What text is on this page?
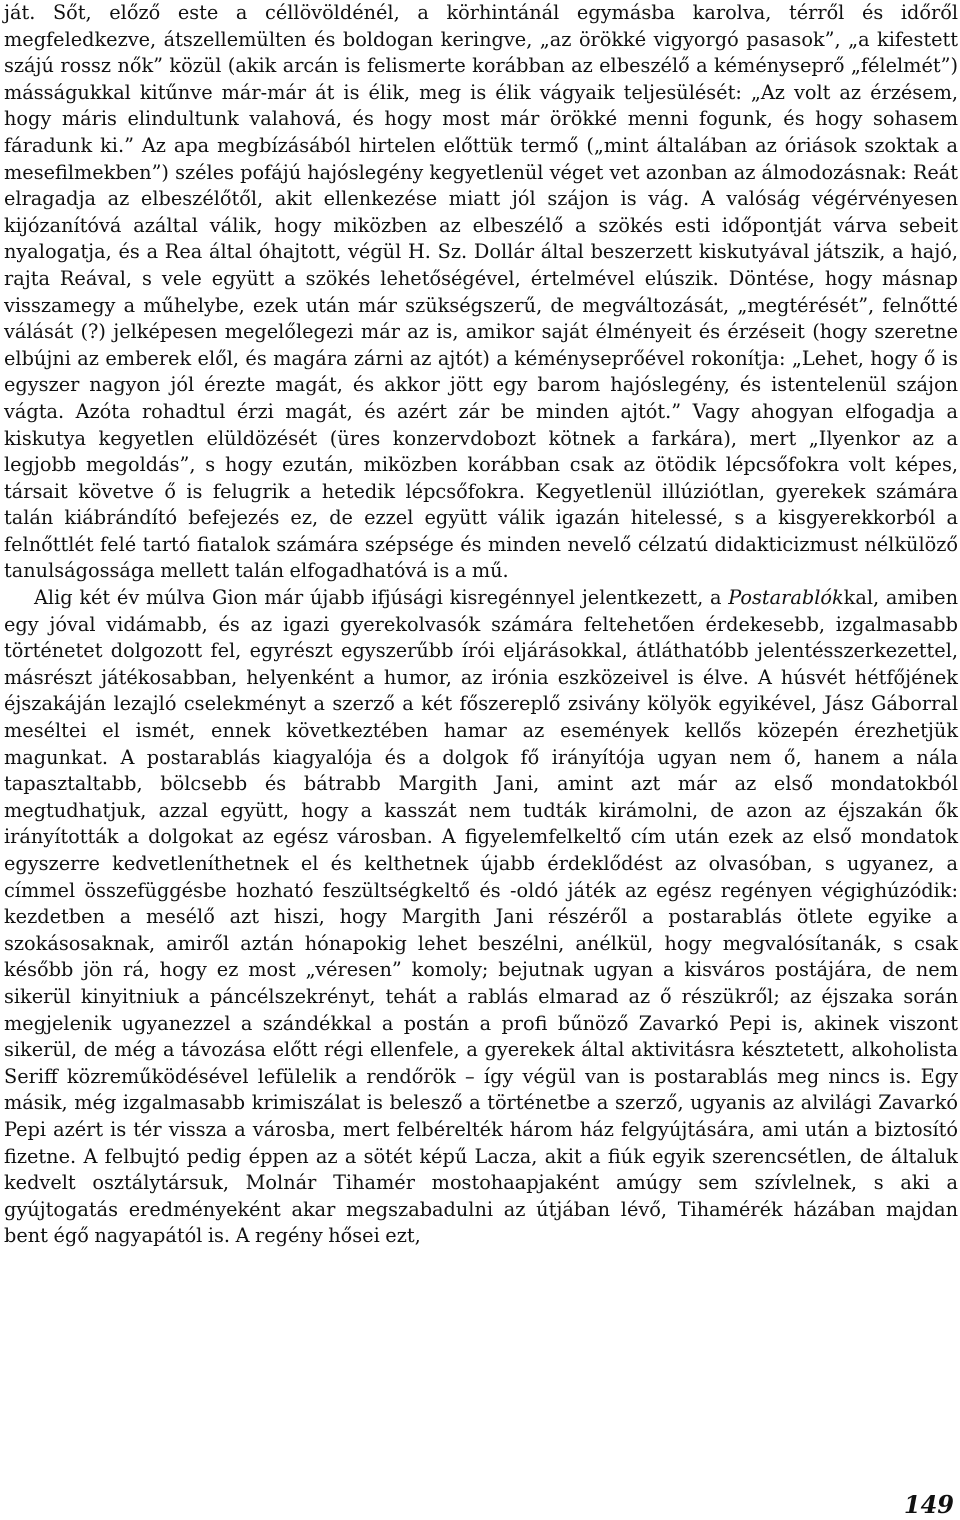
ját. Sőt, előző este a céllövöldénél, a körhintánál egymásba karolva, térről és időről megfeledkezve, átszellemülten és boldogan keringve, „az örökké vigyorgó pasasok”, „a kifestett szájú rossz nők” közül (akik arcán is felismerte korábban az elbeszélő a kéményseprő „félelmét”) másságukkal kitűnve már-már át is élik, meg is élik vágyaik teljesülését: „Az volt az érzésem, hogy máris elindultunk valahová, és hogy most már örökké menni fogunk, és hogy sohasem fáradunk ki.” Az apa megbízásából hirtelen előttük termő („mint általában az óriások szoktak a mesefilmekben”) széles pofájú hajóslegény kegyetlenül véget vet azonban az álmodozásnak: Reát elragadja az elbeszélőtől, akit ellenkezése miatt jól szájon is vág. A valóság végérvényesen kijózanítóvá azáltal válik, hogy miközben az elbeszélő a szökés esti időpontját várva sebeit nyalogatja, és a Rea által óhajtott, végül H. Sz. Dollár által beszerzett kiskutyával játszik, a hajó, rajta Reával, s vele együtt a szökés lehetőségével, értelmével elúszik. Döntése, hogy másnap visszamegy a műhelybe, ezek után már szükségszerű, de megváltozását, „megtérését”, felnőtté válását (?) jelképesen megelőlegezi már az is, amikor saját élményeit és érzéseit (hogy szeretne elbújni az emberek elől, és magára zárni az ajtót) a kéményseprőével rokonítja: „Lehet, hogy ő is egyszer nagyon jól érezte magát, és akkor jött egy barom hajóslegény, és istentelenül szájon vágta. Azóta rohadtul érzi magát, és azért zár be minden ajtót.” Vagy ahogyan elfogadja a kiskutya kegyetlen elüldözését (üres konzervdobozt kötnek a farkára), mert „Ilyenkor az a legjobb megoldás”, s hogy ezután, miközben korábban csak az ötödik lépcsőfokra volt képes, társait követve ő is felugrik a hetedik lépcsőfokra. Kegyetlenül illúziótlan, gyerekek számára talán kiábrándító befejezés ez, de ezzel együtt válik igazán hitelessé, s a kisgyerekkorból a felnőttlét felé tartó fiatalok számára szépsége és minden nevelő célzatú didakticizmust nélkülöző tanulságossága mellett talán elfogadhatóvá is a mű.

Alig két év múlva Gion már újabb ifjúsági kisregénnyel jelentkezett, a Postarablókkal, amiben egy jóval vidámabb, és az igazi gyerekolvasók számára feltehetően érdekesebb, izgalmasabb történetet dolgozott fel, egyrészt egyszerűbb írói eljárásokkal, átláthatóbb jelentésszerkezettel, másrészt játékosabban, helyenként a humor, az irónia eszközeivel is élve. A húsvét hétfőjének éjszakáján lezajló cselekményt a szerző a két főszereplő zsivány kölyök egyikével, Jász Gáborral meséltei el ismét, ennek következtében hamar az események kellős közepén érezhetjük magunkat. A postarablás kiagyalója és a dolgok fő irányítója ugyan nem ő, hanem a nála tapasztaltabb, bölcsebb és bátrabb Margith Jani, amint azt már az első mondatokból megtudhatjuk, azzal együtt, hogy a kasszát nem tudták kirámolni, de azon az éjszakán ők irányították a dolgokat az egész városban. A figyelemfelkeltő cím után ezek az első mondatok egyszerre kedvetleníthetnek el és kelthetnek újabb érdeklődést az olvasóban, s ugyanez, a címmel összefüggésbe hozható feszültségkeltő és -oldó játék az egész regényen végighúzódik: kezdetben a mesélő azt hiszi, hogy Margith Jani részéről a postarablás ötlete egyike a szokásosaknak, amiről aztán hónapokig lehet beszélni, anélkül, hogy megvalósítanák, s csak később jön rá, hogy ez most „véresen” komoly; bejutnak ugyan a kisváros postájára, de nem sikerül kinyitniuk a páncélszekrényt, tehát a rablás elmarad az ő részükről; az éjszaka során megjelenik ugyanezzel a szándékkal a postán a profi bűnöző Zavarkó Pepi is, akinek viszont sikerül, de még a távozása előtt régi ellenfele, a gyerekek által aktivitásra késztetett, alkoholista Seriff közreműködésével lefülelik a rendőrök – így végül van is postarablás meg nincs is. Egy másik, még izgalmasabb krimiszálat is belesző a történetbe a szerző, ugyanis az alvilági Zavarkó Pepi azért is tér vissza a városba, mert felbérelték három ház felgyújtására, ami után a biztosító fizetne. A felbujtó pedig éppen az a sötét képű Lacza, akit a fiúk egyik szerencsétlen, de általuk kedvelt osztálytársuk, Molnár Tihamér mostohaapjaként amúgy sem szívlelnek, s aki a gyújtogatás eredményeként akar megszabadulni az útjában lévő, Tihamérék házában majdan bent égő nagyapától is. A regény hősei ezt,

149
